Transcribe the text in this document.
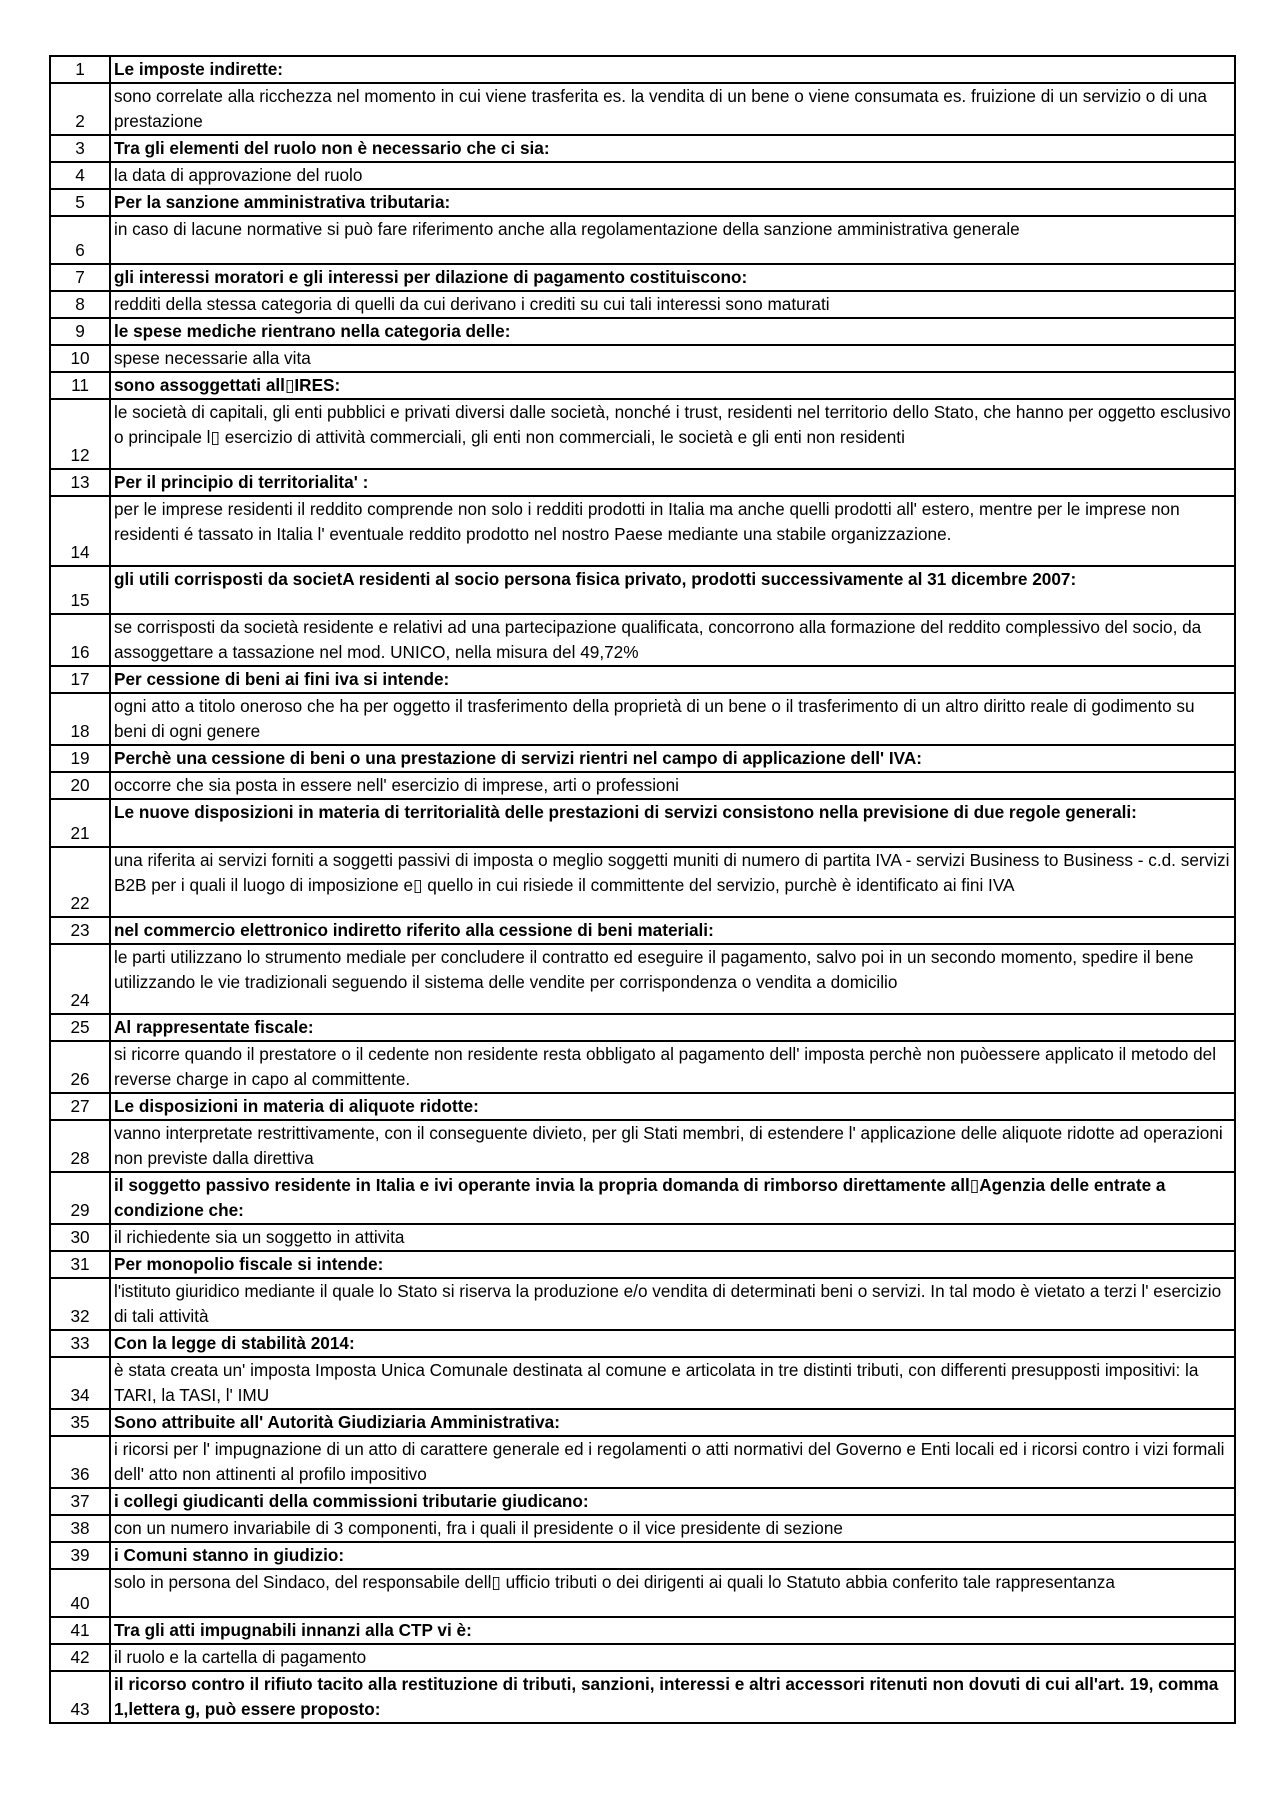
1	Le imposte indirette:
2	sono correlate alla ricchezza nel momento in cui viene trasferita es. la vendita di un bene o viene consumata es. fruizione di un servizio o di una prestazione
3	Tra gli elementi del ruolo non è necessario che ci sia:
4	la data di approvazione del ruolo
5	Per la sanzione amministrativa tributaria:
6	in caso di lacune normative si può fare riferimento anche alla regolamentazione della sanzione amministrativa generale
7	gli interessi moratori e gli interessi per dilazione di pagamento costituiscono:
8	redditi della stessa categoria di quelli da cui derivano i crediti su cui tali interessi sono maturati
9	le spese mediche rientrano nella categoria delle:
10	spese necessarie alla vita
11	sono assoggettati all▯IRES:
12	le società di capitali, gli enti pubblici e privati diversi dalle società, nonché i trust, residenti nel territorio dello Stato, che hanno per oggetto esclusivo o principale l▯ esercizio di attività commerciali, gli enti non commerciali, le società e gli enti non residenti
13	Per il principio di territorialita' :
14	per le imprese residenti il reddito comprende non solo i redditi prodotti in Italia ma anche quelli prodotti all' estero, mentre per le imprese non residenti é tassato in Italia l' eventuale reddito prodotto nel nostro Paese mediante una stabile organizzazione.
15	gli utili corrisposti da societA residenti al socio persona fisica privato, prodotti successivamente al 31 dicembre 2007:
16	se corrisposti da società residente e relativi ad una partecipazione qualificata, concorrono alla formazione del reddito complessivo del socio, da assoggettare a tassazione nel mod. UNICO, nella misura del 49,72%
17	Per cessione di beni ai fini iva si intende:
18	ogni atto a titolo oneroso che ha per oggetto il trasferimento della proprietà di un bene o il trasferimento di un altro diritto reale di godimento su beni di ogni genere
19	Perchè una cessione di beni o una prestazione di servizi rientri nel campo di applicazione dell' IVA:
20	occorre che sia posta in essere nell' esercizio di imprese, arti o professioni
21	Le nuove disposizioni in materia di territorialità delle prestazioni di servizi consistono nella previsione di due regole generali:
22	una riferita ai servizi forniti a soggetti passivi di imposta o meglio soggetti muniti di numero di partita IVA - servizi Business to Business - c.d. servizi B2B per i quali il luogo di imposizione e▯ quello in cui risiede il committente del servizio, purchè è identificato ai fini IVA
23	nel commercio elettronico indiretto riferito alla cessione di beni materiali:
24	le parti utilizzano lo strumento mediale per concludere il contratto ed eseguire il pagamento, salvo poi in un secondo momento, spedire il bene utilizzando le vie tradizionali seguendo il sistema delle vendite per corrispondenza o vendita a domicilio
25	Al rappresentate fiscale:
26	si ricorre quando il prestatore o il cedente non residente resta obbligato al pagamento dell' imposta perchè non puòessere applicato il metodo del reverse charge in capo al committente.
27	Le disposizioni in materia di aliquote ridotte:
28	vanno interpretate restrittivamente, con il conseguente divieto, per gli Stati membri, di estendere l' applicazione delle aliquote ridotte ad operazioni non previste dalla direttiva
29	il soggetto passivo residente in Italia e ivi operante invia la propria domanda di rimborso direttamente all▯Agenzia delle entrate a condizione che:
30	il richiedente sia un soggetto in attivita
31	Per monopolio fiscale si intende:
32	l'istituto giuridico mediante il quale lo Stato si riserva la produzione e/o vendita di determinati beni o servizi. In tal modo è vietato a terzi l' esercizio di tali attività
33	Con la legge di stabilità 2014:
34	è stata creata un' imposta Imposta Unica Comunale destinata al comune e articolata in tre distinti tributi, con differenti presupposti impositivi: la TARI, la TASI, l' IMU
35	Sono attribuite all' Autorità Giudiziaria Amministrativa:
36	i ricorsi per l' impugnazione di un atto di carattere generale ed i regolamenti o atti normativi del Governo e Enti locali ed i ricorsi contro i vizi formali dell' atto non attinenti al profilo impositivo
37	i collegi giudicanti della commissioni tributarie giudicano:
38	con un numero invariabile di 3 componenti, fra i quali il presidente o il vice presidente di sezione
39	i Comuni stanno in giudizio:
40	solo in persona del Sindaco, del responsabile dell▯ ufficio tributi o dei dirigenti ai quali lo Statuto abbia conferito tale rappresentanza
41	Tra gli atti impugnabili innanzi alla CTP vi è:
42	il ruolo e la cartella di pagamento
43	il ricorso contro il rifiuto tacito alla restituzione di tributi, sanzioni, interessi e altri accessori ritenuti non dovuti di cui all'art. 19, comma 1,lettera g, può essere proposto:
